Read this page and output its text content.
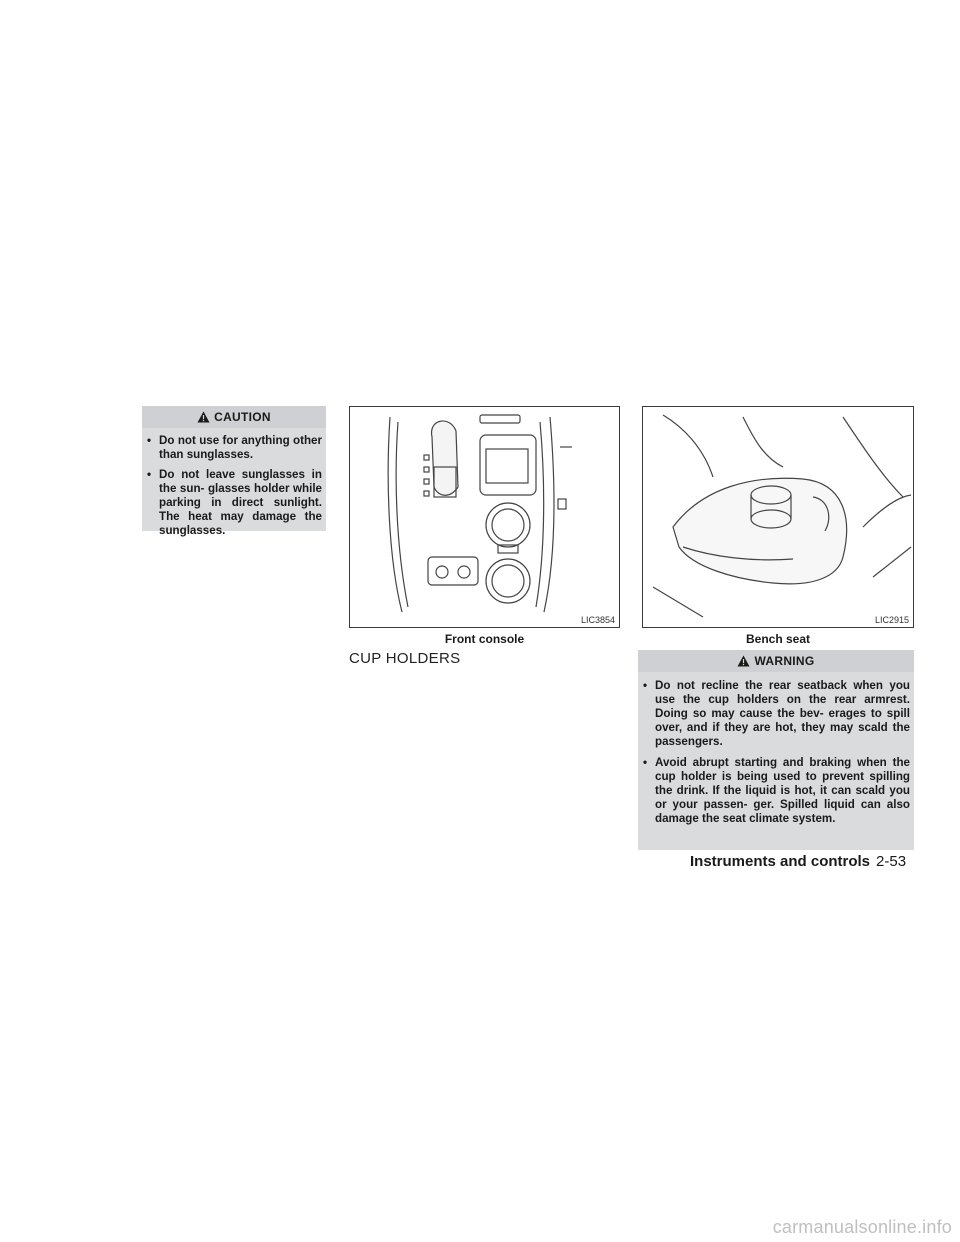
CAUTION
• Do not use for anything other than sunglasses.
• Do not leave sunglasses in the sun- glasses holder while parking in direct sunlight. The heat may damage the sunglasses.
LIC3854
Front console
LIC2915
Bench seat
CUP HOLDERS	WARNING
• Do not recline the rear seatback when you use the cup holders on the rear armrest. Doing so may cause the bev- erages to spill over, and if they are hot, they may scald the passengers.
• Avoid abrupt starting and braking when the cup holder is being used to prevent spilling the drink. If the liquid is hot, it can scald you or your passen- ger. Spilled liquid can also damage the seat climate system.
Instruments and controls 2-53
carmanualsonline.info
